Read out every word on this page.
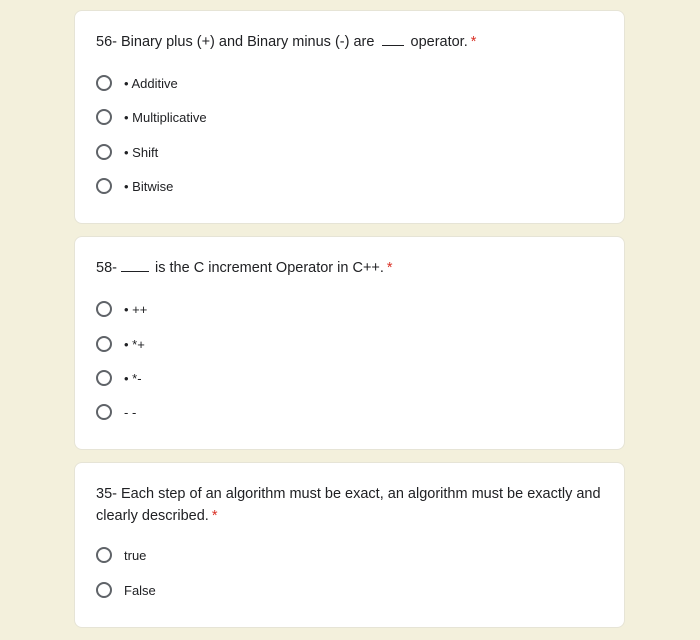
56- Binary plus (+) and Binary minus (-) are operator. *
• Additive
• Multiplicative
• Shift
• Bitwise
58-	is the C increment Operator in C++. *
• ++
• *+
• *-
- -
35- Each step of an algorithm must be exact, an algorithm must be exactly and clearly described. *
true
False
